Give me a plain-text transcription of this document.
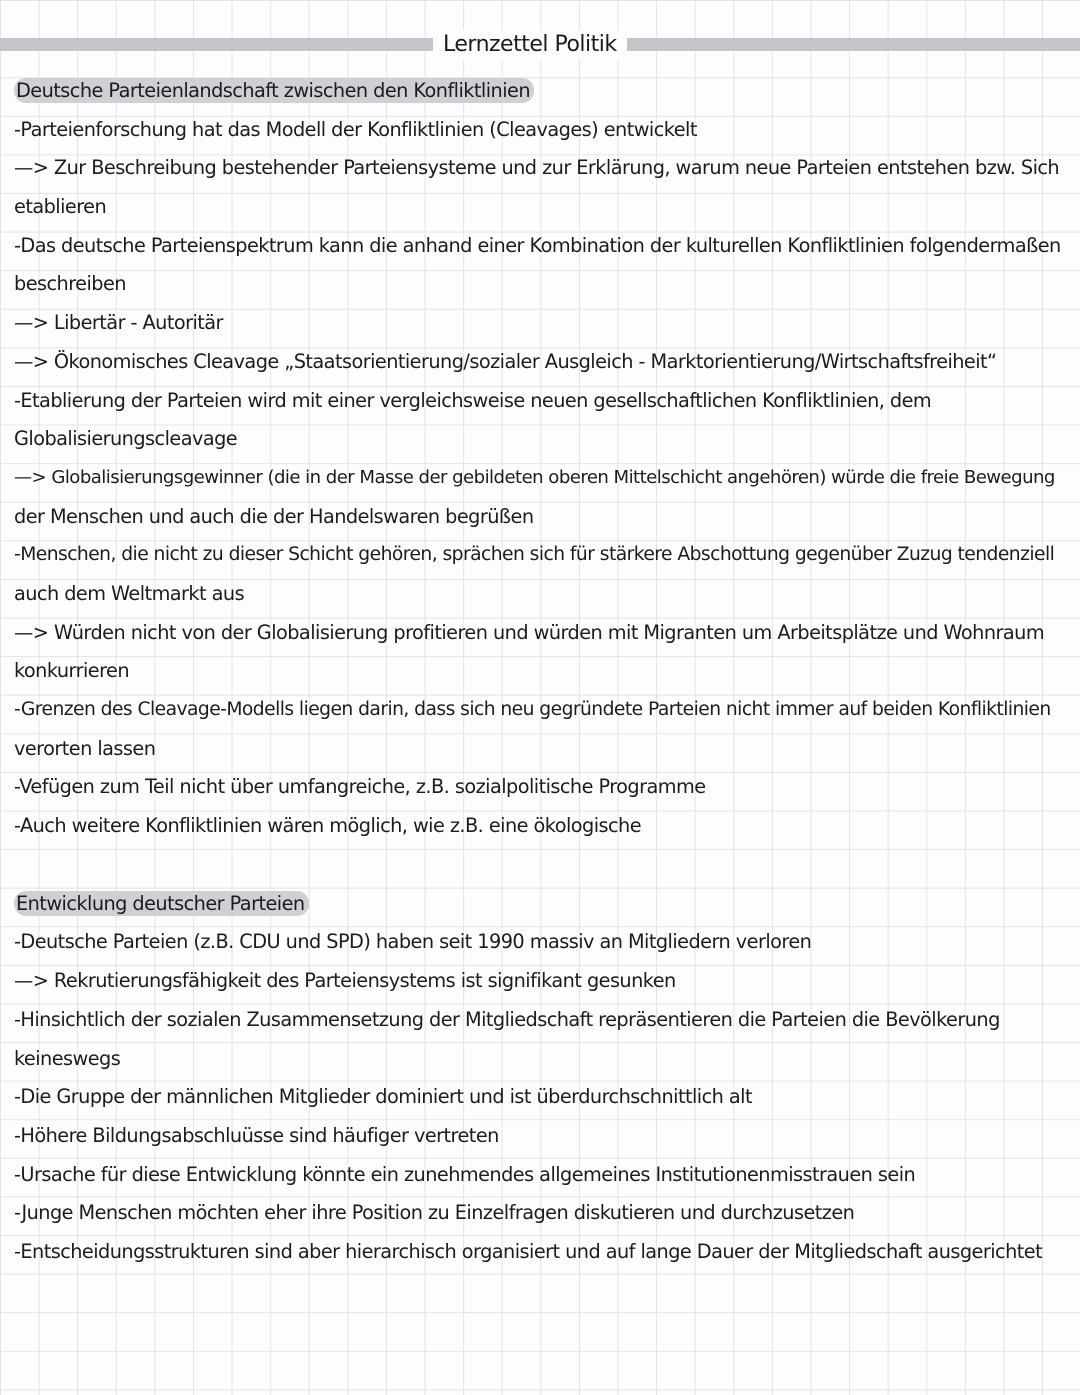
Lernzettel Politik
Deutsche Parteienlandschaft zwischen den Konfliktlinien
-Parteienforschung hat das Modell der Konfliktlinien (Cleavages) entwickelt
—> Zur Beschreibung bestehender Parteiensysteme und zur Erklärung, warum neue Parteien entstehen bzw. Sich
etablieren
-Das deutsche Parteienspektrum kann die anhand einer Kombination der kulturellen Konfliktlinien folgendermaßen
beschreiben
—> Libertär - Autoritär
—> Ökonomisches Cleavage „Staatsorientierung/sozialer Ausgleich - Marktorientierung/Wirtschaftsfreiheit“
-Etablierung der Parteien wird mit einer vergleichsweise neuen gesellschaftlichen Konfliktlinien, dem
Globalisierungscleavage
—> Globalisierungsgewinner (die in der Masse der gebildeten oberen Mittelschicht angehören) würde die freie Bewegung
der Menschen und auch die der Handelswaren begrüßen
-Menschen, die nicht zu dieser Schicht gehören, sprächen sich für stärkere Abschottung gegenüber Zuzug tendenziell
auch dem Weltmarkt aus
—> Würden nicht von der Globalisierung profitieren und würden mit Migranten um Arbeitsplätze und Wohnraum
konkurrieren
-Grenzen des Cleavage-Modells liegen darin, dass sich neu gegründete Parteien nicht immer auf beiden Konfliktlinien
verorten lassen
-Vefügen zum Teil nicht über umfangreiche, z.B. sozialpolitische Programme
-Auch weitere Konfliktlinien wären möglich, wie z.B. eine ökologische
Entwicklung deutscher Parteien
-Deutsche Parteien (z.B. CDU und SPD) haben seit 1990 massiv an Mitgliedern verloren
—> Rekrutierungsfähigkeit des Parteiensystems ist signifikant gesunken
-Hinsichtlich der sozialen Zusammensetzung der Mitgliedschaft repräsentieren die Parteien die Bevölkerung
keineswegs
-Die Gruppe der männlichen Mitglieder dominiert und ist überdurchschnittlich alt
-Höhere Bildungsabschluüsse sind häufiger vertreten
-Ursache für diese Entwicklung könnte ein zunehmendes allgemeines Institutionenmisstrauen sein
-Junge Menschen möchten eher ihre Position zu Einzelfragen diskutieren und durchzusetzen
-Entscheidungsstrukturen sind aber hierarchisch organisiert und auf lange Dauer der Mitgliedschaft ausgerichtet
